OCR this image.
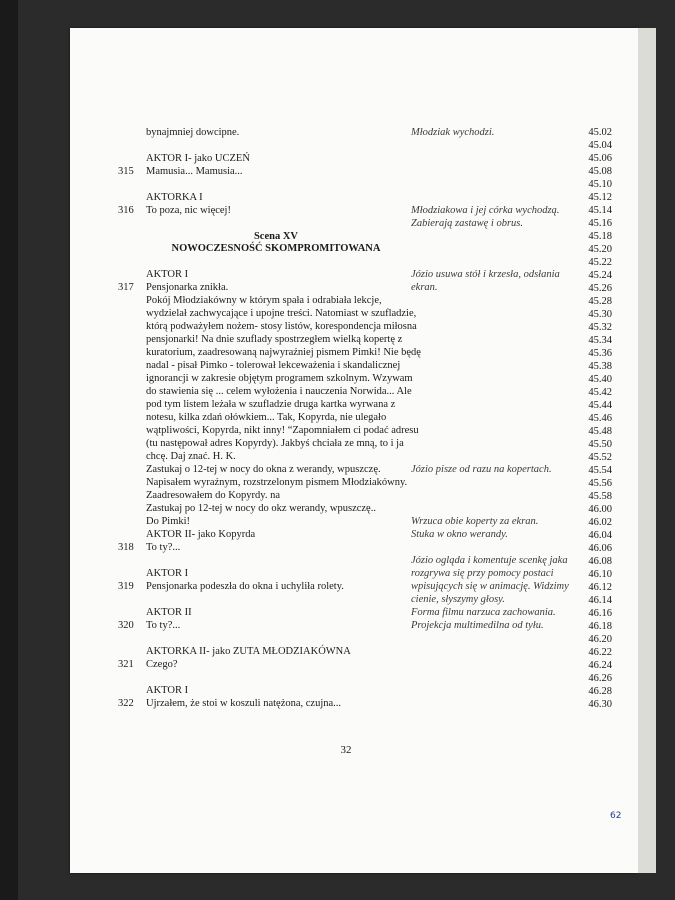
bynajmniej dowcipne.
AKTOR I- jako UCZEŃ
Mamusia... Mamusia...
AKTORKA I
To poza, nic więcej!
Scena XV
NOWOCZESNOŚĆ SKOMPROMITOWANA
AKTOR I
Pensjonarka znikła.
Pokój Młodziakówny w którym spała i odrabiała lekcje,
wydzielał zachwycające i upojne treści. Natomiast w szufladzie,
którą podważyłem nożem- stosy listów, korespondencja miłosna
pensjonarki! Na dnie szuflady spostrzegłem wielką kopertę z
kuratorium, zaadresowaną najwyraźniej pismem Pimki! Nie będę
nadal - pisał Pimko - tolerował lekceważenia i skandalicznej
ignorancji w zakresie objętym programem szkolnym. Wzywam
do stawienia się ... celem wyłożenia i nauczenia Norwida... Ale
pod tym listem leżała w szufladzie druga kartka wyrwana z
notesu, kilka zdań ołówkiem... Tak, Kopyrda, nie ulegało
wątpliwości, Kopyrda, nikt inny! “Zapomniałem ci podać adresu
(tu następował adres Kopyrdy). Jakbyś chciała ze mną, to i ja
chcę. Daj znać. H. K.
Zastukaj o 12-tej w nocy do okna z werandy, wpuszczę.
Napisałem wyraźnym, rozstrzelonym pismem Młodziakówny.
Zaadresowałem do Kopyrdy. na
Zastukaj po 12-tej w nocy do okz werandy, wpuszczę..
Do Pimki!
AKTOR II- jako Kopyrda
To ty?...
AKTOR I
Pensjonarka podeszła do okna i uchyliła rolety.
AKTOR II
To ty?...
AKTORKA II- jako ZUTA MŁODZIAKÓWNA
Czego?
AKTOR I
Ujrzałem, że stoi w koszuli natężona, czujna...
315
316
317
318
319
320
321
322
Młodziak wychodzi.
Młodziakowa i jej córka wychodzą.
Zabierają zastawę i obrus.
Józio usuwa stół i krzesła, odsłania
ekran.
Józio pisze od razu na kopertach.
Wrzuca obie koperty za ekran.
Stuka w okno werandy.
Józio ogląda i komentuje scenkę jaka
rozgrywa się przy pomocy postaci
wpisujących się w animację. Widzimy
cienie, słyszymy głosy.
Forma filmu narzuca zachowania.
Projekcja multimedilna od tyłu.
45.02
45.04
45.06
45.08
45.10
45.12
45.14
45.16
45.18
45.20
45.22
45.24
45.26
45.28
45.30
45.32
45.34
45.36
45.38
45.40
45.42
45.44
45.46
45.48
45.50
45.52
45.54
45.56
45.58
46.00
46.02
46.04
46.06
46.08
46.10
46.12
46.14
46.16
46.18
46.20
46.22
46.24
46.26
46.28
46.30
32
62
